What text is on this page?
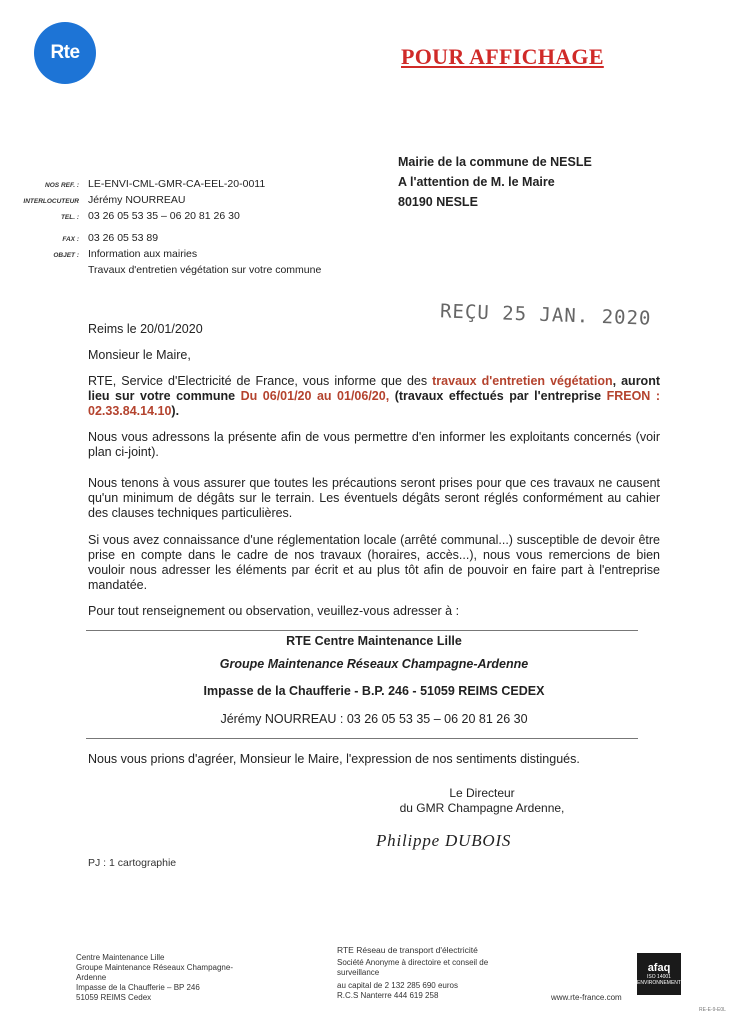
Rte	POUR AFFICHAGE
Mairie de la commune de NESLE
A l'attention de M. le Maire
80190 NESLE
NOS REF. : LE-ENVI-CML-GMR-CA-EEL-20-0011
INTERLOCUTEUR Jérémy NOURREAU
TEL. : 03 26 05 53 35 – 06 20 81 26 30
FAX : 03 26 05 53 89
OBJET : Information aux mairies
Travaux d'entretien végétation sur votre commune
REÇU 25 JAN. 2020
Reims le 20/01/2020
Monsieur le Maire,
RTE, Service d'Electricité de France, vous informe que des travaux d'entretien végétation, auront lieu sur votre commune Du 06/01/20 au 01/06/20, (travaux effectués par l'entreprise FREON : 02.33.84.14.10).
Nous vous adressons la présente afin de vous permettre d'en informer les exploitants concernés (voir plan ci-joint).
Nous tenons à vous assurer que toutes les précautions seront prises pour que ces travaux ne causent qu'un minimum de dégâts sur le terrain. Les éventuels dégâts seront réglés conformément au cahier des clauses techniques particulières.
Si vous avez connaissance d'une réglementation locale (arrêté communal...) susceptible de devoir être prise en compte dans le cadre de nos travaux (horaires, accès...), nous vous remercions de bien vouloir nous adresser les éléments par écrit et au plus tôt afin de pouvoir en faire part à l'entreprise mandatée.
Pour tout renseignement ou observation, veuillez-vous adresser à :
RTE Centre Maintenance Lille
Groupe Maintenance Réseaux Champagne-Ardenne
Impasse de la Chaufferie - B.P. 246 - 51059 REIMS CEDEX
Jérémy NOURREAU : 03 26 05 53 35 – 06 20 81 26 30
Nous vous prions d'agréer, Monsieur le Maire, l'expression de nos sentiments distingués.
Le Directeur
du GMR Champagne Ardenne,
Philippe DUBOIS
PJ : 1 cartographie
Centre Maintenance Lille
Groupe Maintenance Réseaux Champagne-
Ardenne
Impasse de la Chaufferie – BP 246
51059 REIMS Cedex
RTE Réseau de transport d'électricité
Société Anonyme à directoire et conseil de
surveillance
au capital de 2 132 285 690 euros
R.C.S Nanterre 444 619 258	www.rte-france.com
afaq
ISO 14001
ENVIRONNEMENT
RE-E-9-E0L
